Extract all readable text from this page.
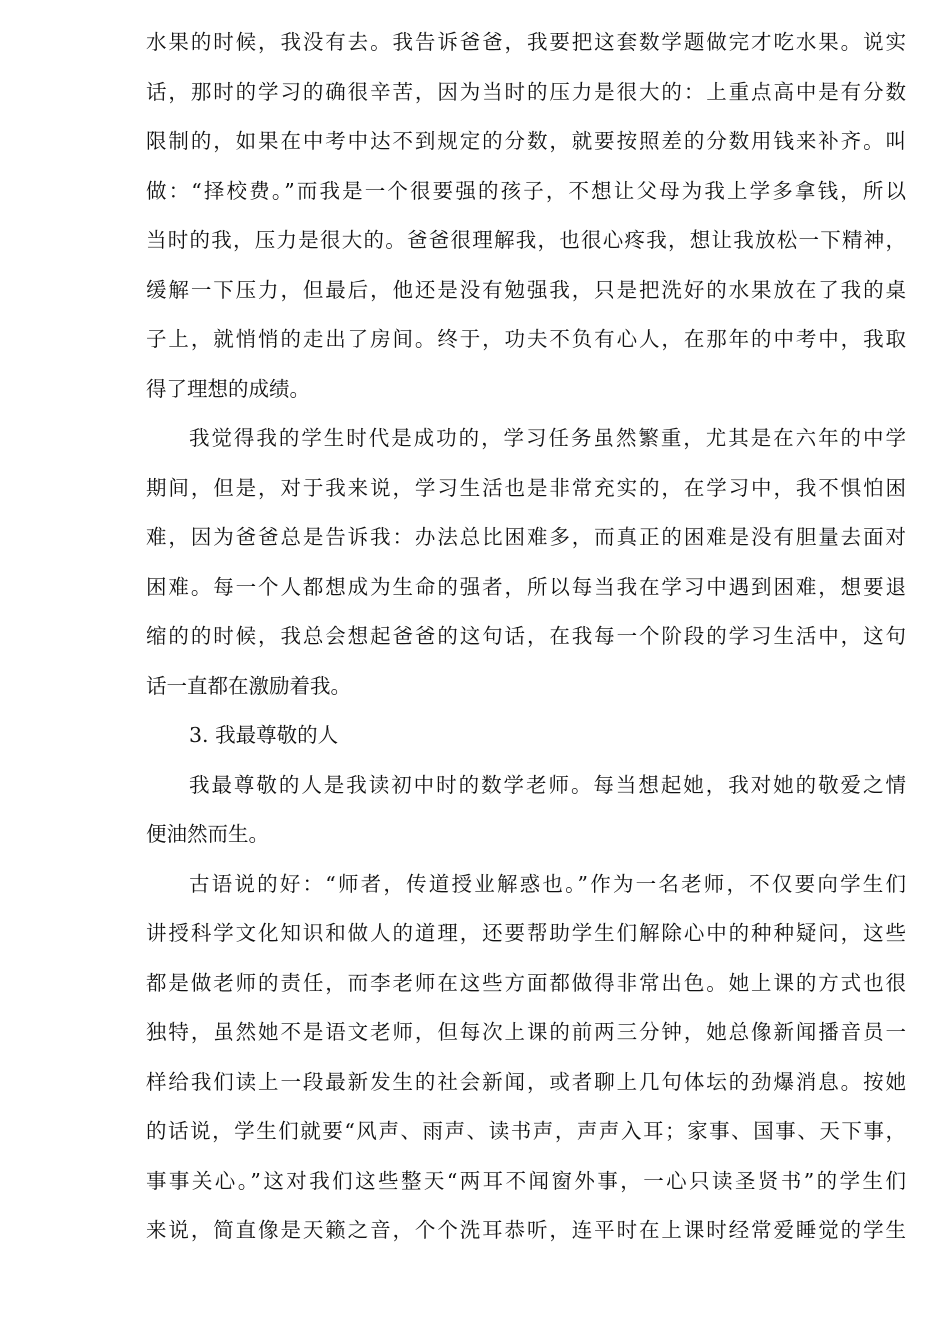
水果的时候，我没有去。我告诉爸爸，我要把这套数学题做完才吃水果。说实
话，那时的学习的确很辛苦，因为当时的压力是很大的：上重点高中是有分数
限制的，如果在中考中达不到规定的分数，就要按照差的分数用钱来补齐。叫
做：“择校费。”而我是一个很要强的孩子，不想让父母为我上学多拿钱，所以
当时的我，压力是很大的。爸爸很理解我，也很心疼我，想让我放松一下精神，
缓解一下压力，但最后，他还是没有勉强我，只是把洗好的水果放在了我的桌
子上，就悄悄的走出了房间。终于，功夫不负有心人，在那年的中考中，我取
得了理想的成绩。

我觉得我的学生时代是成功的，学习任务虽然繁重，尤其是在六年的中学
期间，但是，对于我来说，学习生活也是非常充实的，在学习中，我不惧怕困
难，因为爸爸总是告诉我：办法总比困难多，而真正的困难是没有胆量去面对
困难。每一个人都想成为生命的强者，所以每当我在学习中遇到困难，想要退
缩的的时候，我总会想起爸爸的这句话，在我每一个阶段的学习生活中，这句
话一直都在激励着我。

3. 我最尊敬的人

我最尊敬的人是我读初中时的数学老师。每当想起她，我对她的敬爱之情
便油然而生。

古语说的好：“师者，传道授业解惑也。”作为一名老师，不仅要向学生们
讲授科学文化知识和做人的道理，还要帮助学生们解除心中的种种疑问，这些
都是做老师的责任，而李老师在这些方面都做得非常出色。她上课的方式也很
独特，虽然她不是语文老师，但每次上课的前两三分钟，她总像新闻播音员一
样给我们读上一段最新发生的社会新闻，或者聊上几句体坛的劲爆消息。按她
的话说，学生们就要“风声、雨声、读书声，声声入耳；家事、国事、天下事，
事事关心。”这对我们这些整天“两耳不闻窗外事，一心只读圣贤书”的学生们
来说，简直像是天籁之音，个个洗耳恭听，连平时在上课时经常爱睡觉的学生
